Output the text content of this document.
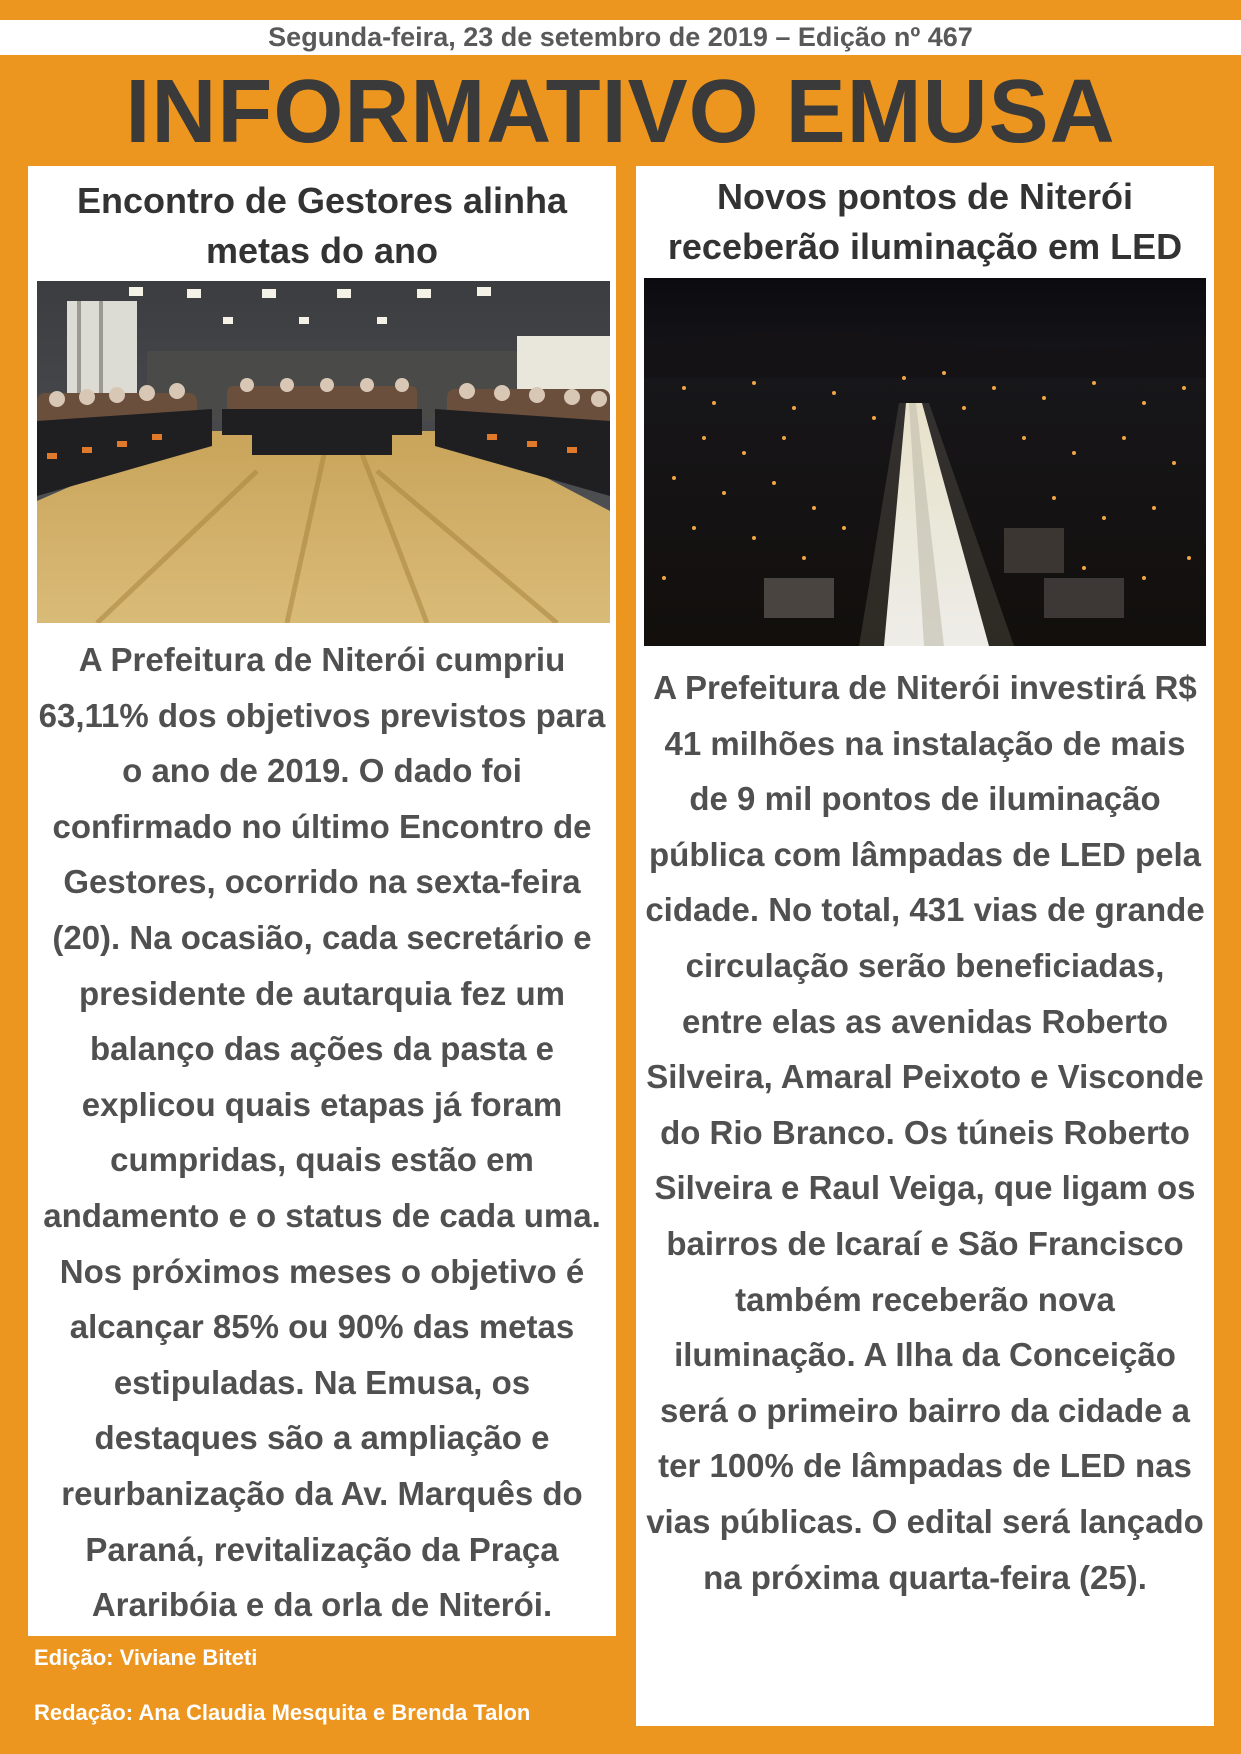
Segunda-feira, 23 de setembro de 2019 – Edição nº 467
INFORMATIVO EMUSA
Encontro de Gestores alinha metas do ano

A Prefeitura de Niterói cumpriu 63,11% dos objetivos previstos para o ano de 2019. O dado foi confirmado no último Encontro de Gestores, ocorrido na sexta-feira (20). Na ocasião, cada secretário e presidente de autarquia fez um balanço das ações da pasta e explicou quais etapas já foram cumpridas, quais estão em andamento e o status de cada uma. Nos próximos meses o objetivo é alcançar 85% ou 90% das metas estipuladas. Na Emusa, os destaques são a ampliação e reurbanização da Av. Marquês do Paraná, revitalização da Praça Araribóia e da orla de Niterói.

Novos pontos de Niterói receberão iluminação em LED

A Prefeitura de Niterói investirá R$ 41 milhões na instalação de mais de 9 mil pontos de iluminação pública com lâmpadas de LED pela cidade. No total, 431 vias de grande circulação serão beneficiadas, entre elas as avenidas Roberto Silveira, Amaral Peixoto e Visconde do Rio Branco. Os túneis Roberto Silveira e Raul Veiga, que ligam os bairros de Icaraí e São Francisco também receberão nova iluminação. A Ilha da Conceição será o primeiro bairro da cidade a ter 100% de lâmpadas de LED nas vias públicas. O edital será lançado na próxima quarta-feira (25).

Edição: Viviane Biteti
Redação: Ana Claudia Mesquita e Brenda Talon
